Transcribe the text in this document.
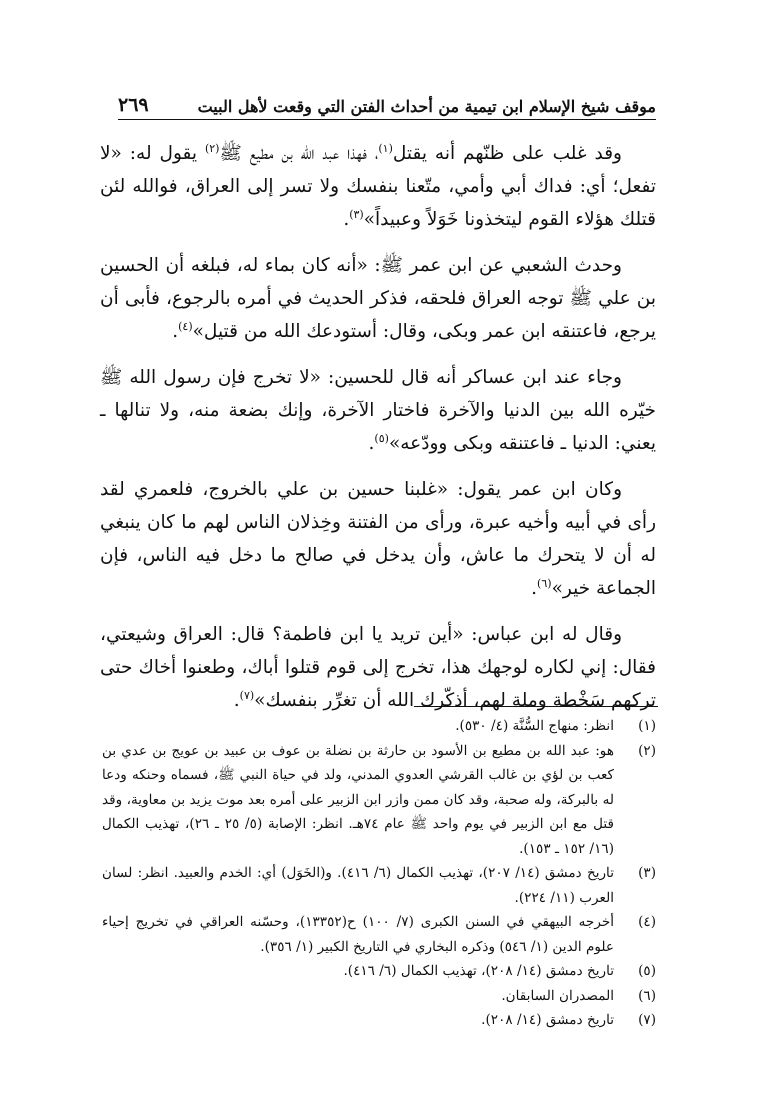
موقف شيخ الإسلام ابن تيمية من أحداث الفتن التي وقعت لأهل البيت
٢٦٩

وقد غلب على ظنّهم أنه يقتل$^{(١)}$، فهذا عبد الله بن مطيع ﷺ$^{(٢)}$ يقول له: «لا تفعل؛ أي: فداك أبي وأمي، متّعنا بنفسك ولا تسر إلى العراق، فوالله لئن قتلك هؤلاء القوم ليتخذونا خَوَلاً وعبيداً»$^{(٣)}$.

وحدث الشعبي عن ابن عمر ﷺ: «أنه كان بماء له، فبلغه أن الحسين بن علي ﷺ توجه العراق فلحقه، فذكر الحديث في أمره بالرجوع، فأبى أن يرجع، فاعتنقه ابن عمر وبكى، وقال: أستودعك الله من قتيل»$^{(٤)}$.

وجاء عند ابن عساكر أنه قال للحسين: «لا تخرج فإن رسول الله ﷺ خيّره الله بين الدنيا والآخرة فاختار الآخرة، وإنك بضعة منه، ولا تنالها ـ يعني: الدنيا ـ فاعتنقه وبكى وودّعه»$^{(٥)}$.

وكان ابن عمر يقول: «غلبنا حسين بن علي بالخروج، فلعمري لقد رأى في أبيه وأخيه عبرة، ورأى من الفتنة وخِذلان الناس لهم ما كان ينبغي له أن لا يتحرك ما عاش، وأن يدخل في صالح ما دخل فيه الناس، فإن الجماعة خير»$^{(٦)}$.

وقال له ابن عباس: «أين تريد يا ابن فاطمة؟ قال: العراق وشيعتي، فقال: إني لكاره لوجهك هذا، تخرج إلى قوم قتلوا أباك، وطعنوا أخاك حتى تركهم سَخْطة وملة لهم، أذكّرك الله أن تغرِّر بنفسك»$^{(٧)}$.

(١)
انظر: منهاج السُّنَّة (٤/ ٥٣٠).
(٢)
هو: عبد الله بن مطيع بن الأسود بن حارثة بن نضلة بن عوف بن عبيد بن عويج بن عدي بن كعب بن لؤي بن غالب القرشي العدوي المدني، ولد في حياة النبي ﷺ، فسماه وحنكه ودعا له بالبركة، وله صحبة، وقد كان ممن وازر ابن الزبير على أمره بعد موت يزيد بن معاوية، وقد قتل مع ابن الزبير في يوم واحد ﷺ عام ٧٤هـ. انظر: الإصابة (٥/ ٢٥ ـ ٢٦)، تهذيب الكمال (١٦/ ١٥٢ ـ ١٥٣).
(٣)
تاريخ دمشق (١٤/ ٢٠٧)، تهذيب الكمال (٦/ ٤١٦). و(الخَوَل) أي: الخدم والعبيد. انظر: لسان العرب (١١/ ٢٢٤).
(٤)
أخرجه البيهقي في السنن الكبرى (٧/ ١٠٠) ح(١٣٣٥٢)، وحسّنه العراقي في تخريج إحياء علوم الدين (١/ ٥٤٦) وذكره البخاري في التاريخ الكبير (١/ ٣٥٦).
(٥)
تاريخ دمشق (١٤/ ٢٠٨)، تهذيب الكمال (٦/ ٤١٦).
(٦)
المصدران السابقان.
(٧)
تاريخ دمشق (١٤/ ٢٠٨).
